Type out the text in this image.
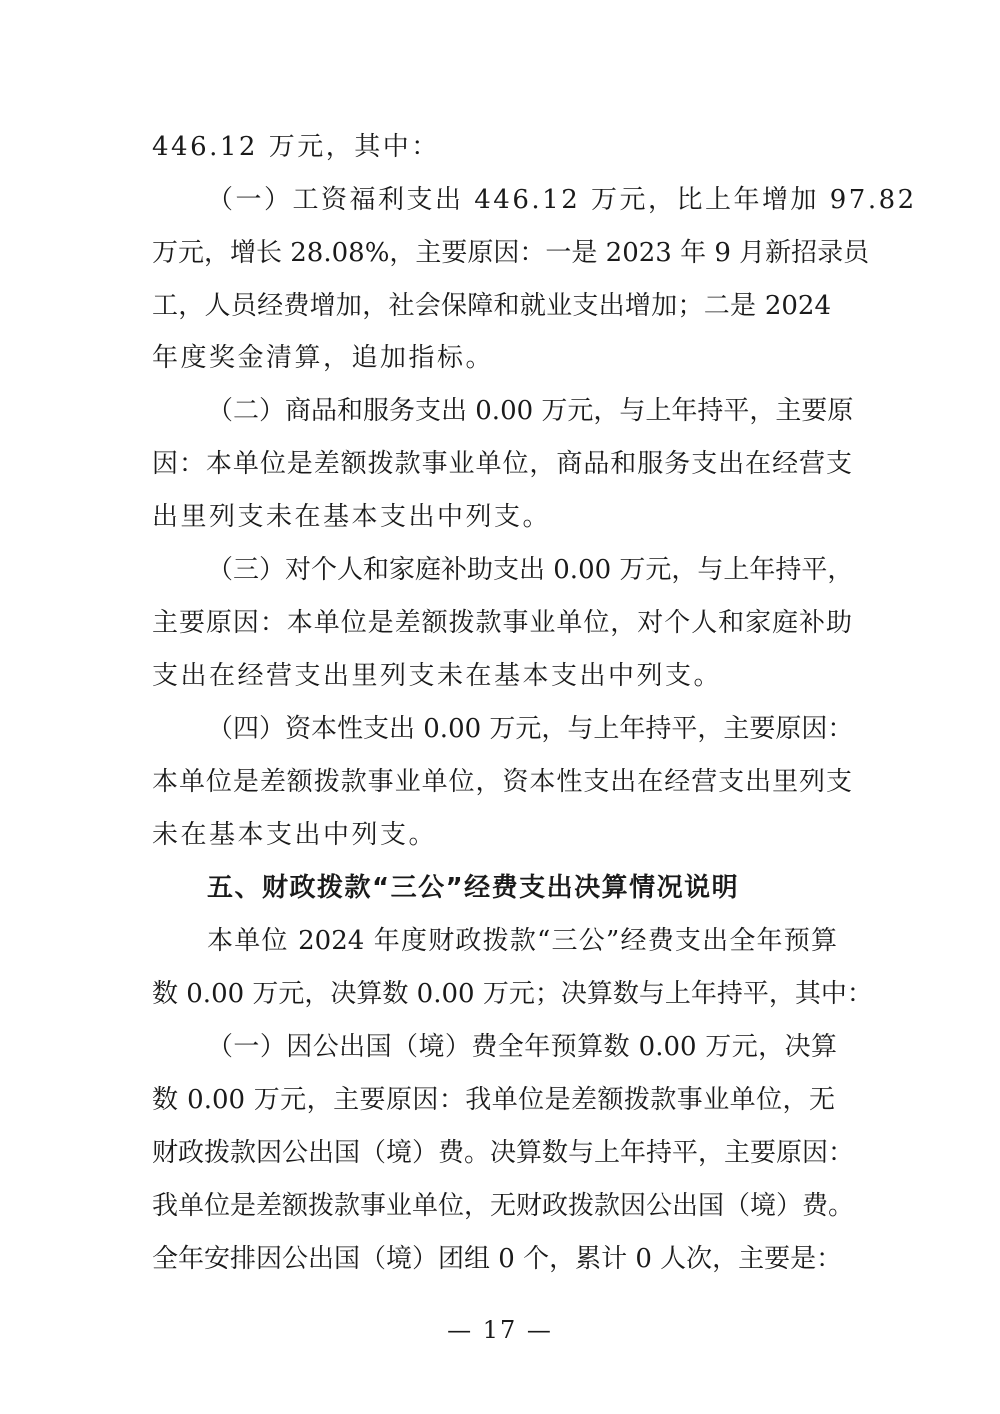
446.12 万元，其中：
（一）工资福利支出 446.12 万元，比上年增加 97.82
万元，增长 28.08%，主要原因：一是 2023 年 9 月新招录员
工，人员经费增加，社会保障和就业支出增加；二是 2024
年度奖金清算，追加指标。
（二）商品和服务支出 0.00 万元，与上年持平，主要原
因：本单位是差额拨款事业单位，商品和服务支出在经营支
出里列支未在基本支出中列支。
（三）对个人和家庭补助支出 0.00 万元，与上年持平，
主要原因：本单位是差额拨款事业单位，对个人和家庭补助
支出在经营支出里列支未在基本支出中列支。
（四）资本性支出 0.00 万元，与上年持平，主要原因：
本单位是差额拨款事业单位，资本性支出在经营支出里列支
未在基本支出中列支。
五、财政拨款“三公”经费支出决算情况说明
本单位 2024 年度财政拨款“三公”经费支出全年预算
数 0.00 万元，决算数 0.00 万元；决算数与上年持平，其中：
（一）因公出国（境）费全年预算数 0.00 万元，决算
数 0.00 万元，主要原因：我单位是差额拨款事业单位，无
财政拨款因公出国（境）费。决算数与上年持平，主要原因：
我单位是差额拨款事业单位，无财政拨款因公出国（境）费。
全年安排因公出国（境）团组 0 个，累计 0 人次，主要是：
— 17 —
